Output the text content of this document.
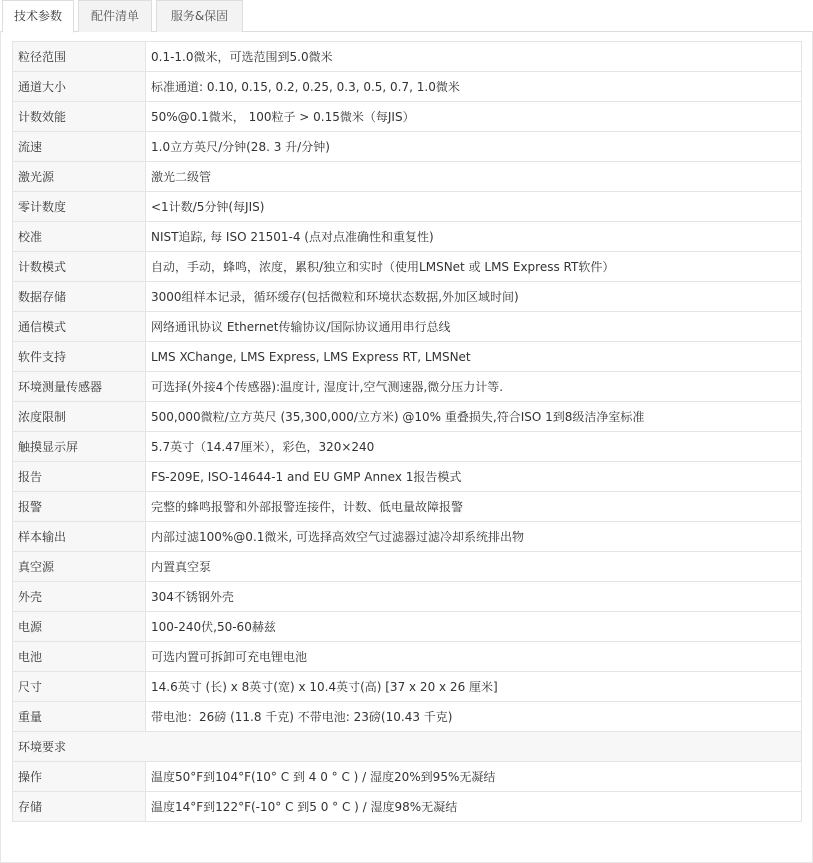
技术参数	配件清单	服务&保固
粒径范围	0.1-1.0微米，可选范围到5.0微米
通道大小	标准通道: 0.10, 0.15, 0.2, 0.25, 0.3, 0.5, 0.7, 1.0微米
计数效能	50%@0.1微米， 100粒子 > 0.15微米（每JIS）
流速	1.0立方英尺/分钟(28. 3 升/分钟)
激光源	激光二级管
零计数度	<1计数/5分钟(每JIS)
校准	NIST追踪, 每 ISO 21501-4 (点对点准确性和重复性)
计数模式	自动，手动，蜂鸣，浓度，累积/独立和实时（使用LMSNet 或 LMS Express RT软件）
数据存储	3000组样本记录，循环缓存(包括微粒和环境状态数据,外加区域时间)
通信模式	网络通讯协议 Ethernet传输协议/国际协议通用串行总线
软件支持	LMS XChange, LMS Express, LMS Express RT, LMSNet
环境测量传感器	可选择(外接4个传感器):温度计, 湿度计,空气测速器,微分压力计等.
浓度限制	500,000微粒/立方英尺 (35,300,000/立方米) @10% 重叠损失,符合ISO 1到8级洁净室标准
触摸显示屏	5.7英寸（14.47厘米），彩色，320×240
报告	FS-209E, ISO-14644-1 and EU GMP Annex 1报告模式
报警	完整的蜂鸣报警和外部报警连接件，计数、低电量故障报警
样本输出	内部过滤100%@0.1微米, 可选择高效空气过滤器过滤冷却系统排出物
真空源	内置真空泵
外壳	304不锈钢外壳
电源	100-240伏,50-60赫兹
电池	可选内置可拆卸可充电锂电池
尺寸	14.6英寸 (长) x 8英寸(宽) x 10.4英寸(高) [37 x 20 x 26 厘米]
重量	带电池：26磅 (11.8 千克) 不带电池: 23磅(10.43 千克)
环境要求	
操作	温度50°F到104°F(10° C 到 4 0 ° C ) / 湿度20%到95%无凝结
存储	温度14°F到122°F(-10° C 到5 0 ° C ) / 湿度98%无凝结
